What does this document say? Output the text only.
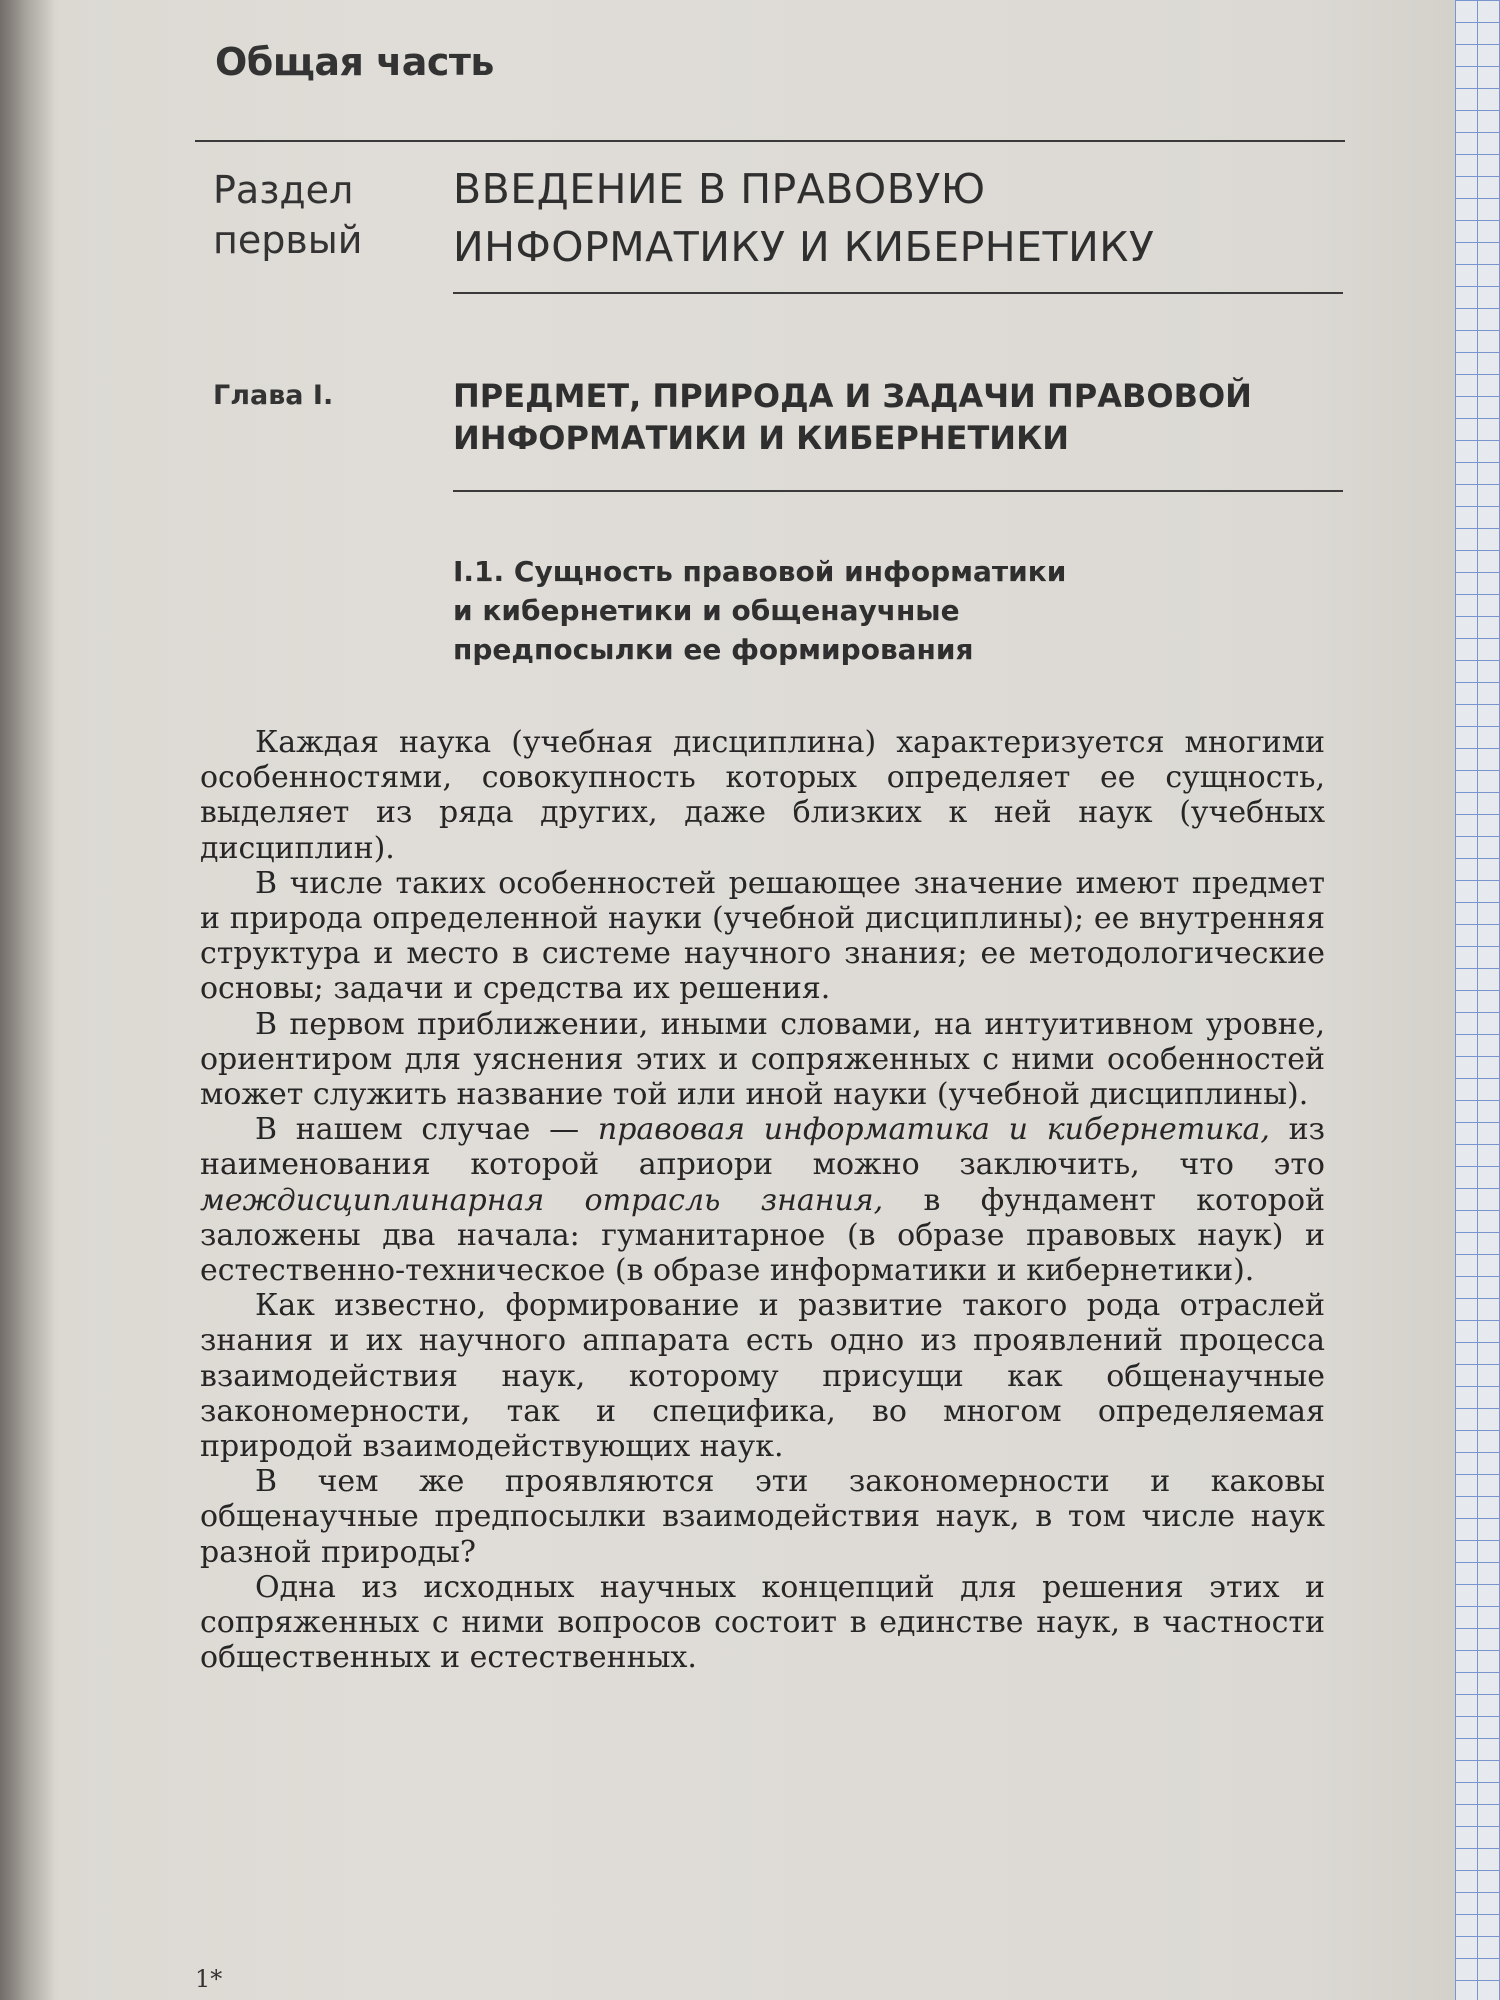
Общая часть
Раздел
первый
ВВЕДЕНИЕ В ПРАВОВУЮ
ИНФОРМАТИКУ И КИБЕРНЕТИКУ
Глава I.	ПРЕДМЕТ, ПРИРОДА И ЗАДАЧИ ПРАВОВОЙ
ИНФОРМАТИКИ И КИБЕРНЕТИКИ
I.1. Сущность правовой информатики
и кибернетики и общенаучные
предпосылки ее формирования

Каждая наука (учебная дисциплина) характеризуется многими особенностями, совокупность которых определяет ее сущность, выделяет из ряда других, даже близких к ней наук (учебных дисциплин).

В числе таких особенностей решающее значение имеют предмет и природа определенной науки (учебной дисциплины); ее внутренняя структура и место в системе научного знания; ее методологические основы; задачи и средства их решения.

В первом приближении, иными словами, на интуитивном уровне, ориентиром для уяснения этих и сопряженных с ними особенностей может служить название той или иной науки (учебной дисциплины).

В нашем случае — правовая информатика и кибернетика, из наименования которой априори можно заключить, что это междисциплинарная отрасль знания, в фундамент которой заложены два начала: гуманитарное (в образе правовых наук) и естественно-техническое (в образе информатики и кибернетики).

Как известно, формирование и развитие такого рода отраслей знания и их научного аппарата есть одно из проявлений процесса взаимодействия наук, которому присущи как общенаучные закономерности, так и специфика, во многом определяемая природой взаимодействующих наук.

В чем же проявляются эти закономерности и каковы общенаучные предпосылки взаимодействия наук, в том числе наук разной природы?

Одна из исходных научных концепций для решения этих и сопряженных с ними вопросов состоит в единстве наук, в частности общественных и естественных.

1*
